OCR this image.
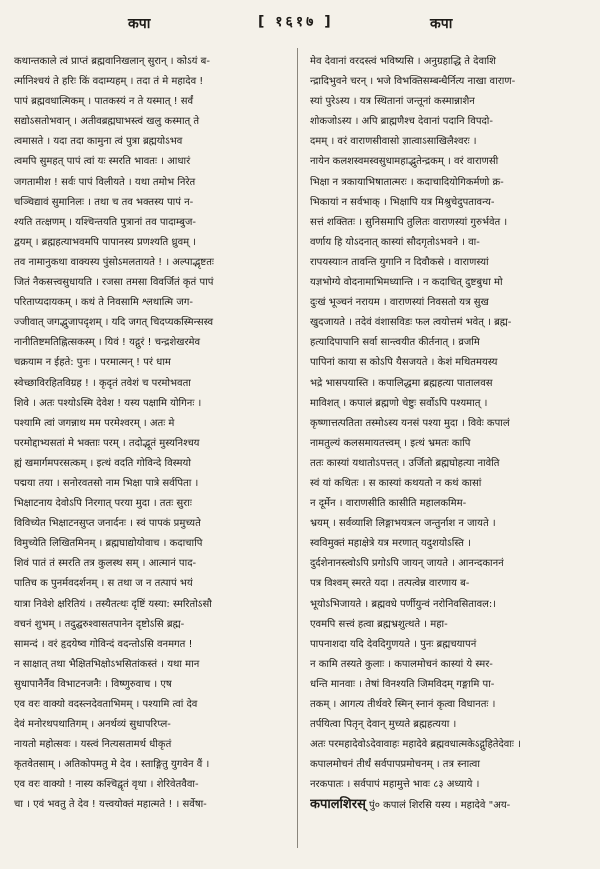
कपा	[ १६१७ ]	कपा
कथान्तकाले त्वं प्राप्तं ब्रह्मवानिखलान् सुरान् । कोऽयं ब-
र्त्मानिश्चयं ते हरिः किं वदाम्यहम् । तदा तं मे महादेव !
पापं ब्रह्मवधात्मिकम् । पातकस्यं न ते यस्मात् ! सर्वं
सद्योऽसतोभवान् । अतीवब्रह्मघाभस्त्वं खलु कस्मात् ते
त्वमासते । यदा तदा कामुना त्वं पुत्रा ब्रह्मयोऽभव
त्वमपि सुमहत् पापं त्वां यः स्मरति भावतः । आधारं
जगतामीश ! सर्वः पापं विलीयते । यथा तमोभ निरेत
चञ्चिद्यावं सुमानिलः । तथा च तव भक्तस्य पापं न-
श्यति तत्क्षणम् । यश्चिन्तयति पुत्रानां तव पादाम्बुज-
द्वयम् । ब्रह्महत्याभवमपि पापानस्य प्रणश्यति ध्रुवम् ।
तव नामानुकथा वाक्यस्य पुंसोऽमलतायते ! । अल्पाद्भृष्टतः
जितं नैकसत्त्वसुधायति । रजसा तमसा विवर्जितं कृतं पापं
परिताप्यदायकम् । कथं ते निवसामि श्लथात्मि जग-
ज्जीवात् जगद्भुजापदृशम् । यदि जगत् चिदप्यकस्मिन्सस्व
नानीतिष्टमतिह्नित्सकस्म् । यिवं ! यद्गुरं ! चन्द्रशेखरमेव
चक्रयाम न ईहते: पुनः । परमात्मन् ! परं धाम
स्वेच्छाविरहितविग्रह ! । कृदृतं तवेशं च परमोभवता
शिवे । अतः पश्योऽस्मि देवेश ! यस्य पक्षामि योगिनः ।
पश्यामि त्वां जगन्नाथ मम परमेश्वरम् । अतः मे
परमोद्दाभ्यसतां मे भक्ताः परम् । तदोद्भूतं मुस्यनिश्चय
ह्यं खमार्गमपरसत्कम् । इत्थं वदति गोविन्दे विस्मयो
पद्मया तया । सनोरवतसो नाम भिक्षा पात्रे सर्वपिता ।
भिक्षाटनाय देवोऽपि निरगात् परया मुदा । ततः सुराः
विविच्येत भिक्षाटनसुप्त जनार्दनः । स्वं पापकं प्रमुच्यते
विमुच्येति लिखितमिनम् । ब्रह्मघाद्योयोवाच । कदाचापि
शिवं पातं तं स्मरति तत्र कुलस्थ सम् । आत्मानं पाद-
पातिच क पुनर्मवदर्शनम् । स तथा ज न तत्पापं भयं
यात्रा निवेशे क्षरितियं । तस्यैतत्थः दृष्टिं यस्या: स्मरितोऽसौ
वचनं शुभम् । तदुद्घरुश्वासतपानेन दृष्टोऽसि ब्रह्म-
सामन्दं । वरं हृदयेष्व गोविन्दं वदन्तोऽसि वनमगत !
न साक्षात् तथा भैक्षितभिक्षोऽभसितांकस्तं । यथा मान
सुधापानैर्नैव विभाटनजनैः । विष्णुरुवाच । एष
एव वरः वाक्यो वदस्त्नदेवताभिमम् । पश्यामि त्वां देव
देवं मनोरथपथातिगम् । अनर्थव्यं सुधापरिप्ल-
नायतो महोत्सवः । यस्त्वं नित्यसतामर्थ धीकृतं
कृतवेतसाम् । अतिकोपमतु मे देव । स्ताङ्गितु युगवेन वैं ।
एव वरः वाक्यो ! नास्य कश्चिद्वृतं वृथा । शेरिवेतवैवा-
चा । एवं भवतु ते देव ! यत्त्वयोक्तं महात्मते ! । सर्वेषा-
मेव देवानां वरदस्त्वं भविष्यसि । अनुग्रहाद्धि ते देवाशि
न्द्रादिभुवने चरन् । भजे विभक्तिसम्बन्धैर्नित्य नाखा वाराण-
स्यां पुरेऽस्य । यत्र स्थितानां जन्तूनां कस्मान्नाशैन
शोकजोऽस्य । अपि ब्राह्मणैश्च देवानां पदानि विपदो-
दमम् । वरं वाराणसीवासो ज्ञात्वाऽसाखिलैश्वरः ।
नायेन कलशस्वमस्वसुधामहाद्भुतेन्द्रकम् । वरं वाराणसी
भिक्षा न त्रकायाभिषातात्मरः । कदाचादियोगिकर्मणो क्र-
भिकायां न सर्वभाक् । भिक्षापि यत्र मिश्रुचेदुपतावन्य-
सत्तं शक्तितः । सुनिसमापि तुलितः वाराणस्यां गुरुर्भवेत ।
वर्णाय हि योऽदनात् कास्यां सौदगृतोऽभवने । वा-
रापयस्याःन तावन्ति युगानि न दिवौकसे । वाराणस्यां
यज्ञभोग्ये वोदनामाभिमध्यान्ति । न कदाचित् दुष्टबुधा मो
दुःखं भूञ्चनं नरायम । वाराणस्यां निवसतो यत्र सुख
खुदजायते । तदेवं वंशासविडः फल त्वयोत्तमं भवेत् । ब्रह्म-
हत्यादिपापानि सर्वा सान्त्वयीत कीर्तनात् । व्रजमि
पापिनां काया स कोऽपि यैसजयते । केशं मथितमयस्य
भद्रे भासपयास्ति । कपालिद्धमा ब्रह्महत्या पातालवस
माविशत् । कपालं ब्रह्मणो चेष्टुः सर्वोऽपि पश्यमात् ।
कृष्णात्तत्पतिता तस्मोऽस्य यनसं पश्या मुदा । विवेः कपालं
नामतुल्यं कलसमायतत्त्वम् । इत्थं भ्रमतः कापि
ततः कास्यां यथातोऽपत्तत् । उर्जितो ब्रह्मघोहत्या नावेति
स्वं यां कथितः । स कास्यां कथयतो न कथं कासां
न दूर्मेन । वाराणसीति कासीति महालकमिम-
भ्रयम् । सर्वव्याशि लिङ्गाभयत्रत्न जन्तुर्नाश न जायते ।
स्वविमुक्तं महाक्षेत्रे यत्र मरणात् यदुशयोऽस्ति ।
दुर्दशेनानस्त्वोऽपि प्रगोऽपि जायन् जायते । आनन्दकाननं
पत्र विश्वम् स्मरते यदा । तत्पत्वेन्न वारणाय ब-
भूयोऽभिजायते । ब्रह्मवधे पर्णीयुन्वं नरोनिवसितावल:।
एवमपि सत्त्वं हत्वा ब्रह्मभ्रशुत्थते । महा-
पापनाशदा यदि देवदिगुणयते । पुनः ब्रह्मचयापनं
न कामि तस्यते कुलाः । कपालमोचनं कास्यां ये स्मर-
धन्ति मानवाः । तेषां विनश्यति जिमविदम् गङ्गामि पा-
तकम् । आगत्य तीर्थवरे स्मिन् स्नानं कृत्वा विधानतः ।
तर्पयित्वा पितृन् देवान् मुच्यते ब्रह्महत्यया ।
अतः परमहादेवोऽदेवावाहः महादेवे ब्रह्मवधात्मकेऽद्गुहितेदेवाः ।
कपालमोचनं तीर्थं सर्वपापप्रमोचनम् । तत्र स्नात्वा
नरकपातः । सर्वपापं महामुत्ते भावः ८३ अध्याये ।
कपालशिरस् पुं० कपालं शिरसि यस्य । महादेवे "अय-
